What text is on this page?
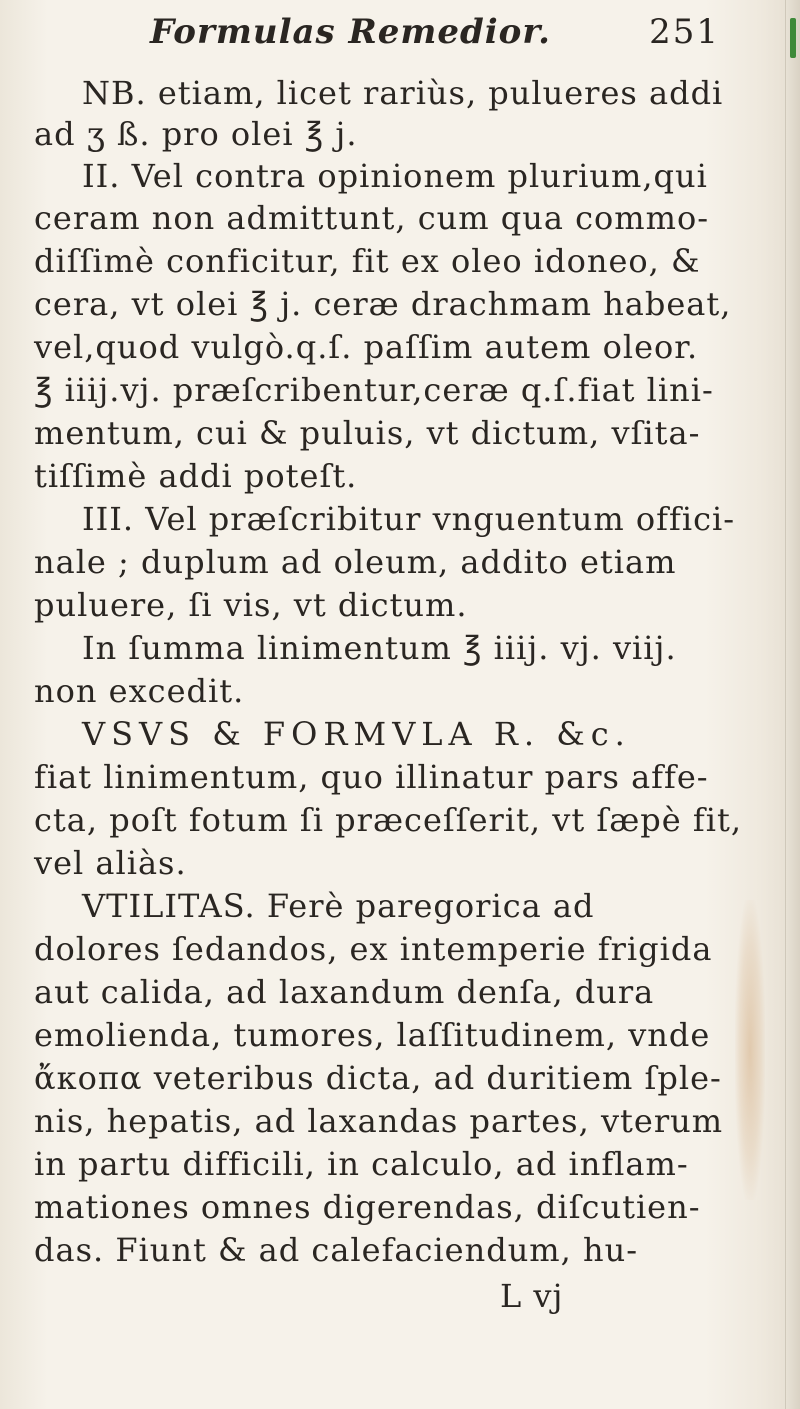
Formulas Remedior.	251
NB. etiam, licet rariùs, pulueres addi
ad ʒ ß. pro olei ℥ j.
II. Vel contra opinionem plurium,qui
ceram non admittunt, cum qua commo-
diſſimè conficitur, fit ex oleo idoneo, &
cera, vt olei ℥ j. ceræ drachmam habeat,
vel,quod vulgò.q.ſ. paſſim autem oleor.
℥ iiij.vj. præſcribentur,ceræ q.ſ.fiat lini-
mentum, cui & puluis, vt dictum, vſita-
tiſſimè addi poteſt.
III. Vel præſcribitur vnguentum offici-
nale ; duplum ad oleum, addito etiam
puluere, ſi vis, vt dictum.
In ſumma linimentum ℥ iiij. vj. viij.
non excedit.
VSVS & FORMVLA R. &c.
fiat linimentum, quo illinatur pars affe-
cta, poſt fotum ſi præceſſerit, vt ſæpè fit,
vel aliàs.
VTILITAS. Ferè paregorica ad
dolores ſedandos, ex intemperie frigida
aut calida, ad laxandum denſa, dura
emolienda, tumores, laſſitudinem, vnde
ἄκοπα veteribus dicta, ad duritiem ſple-
nis, hepatis, ad laxandas partes, vterum
in partu difficili, in calculo, ad inflam-
mationes omnes digerendas, diſcutien-
das. Fiunt & ad calefaciendum, hu-
L vj
